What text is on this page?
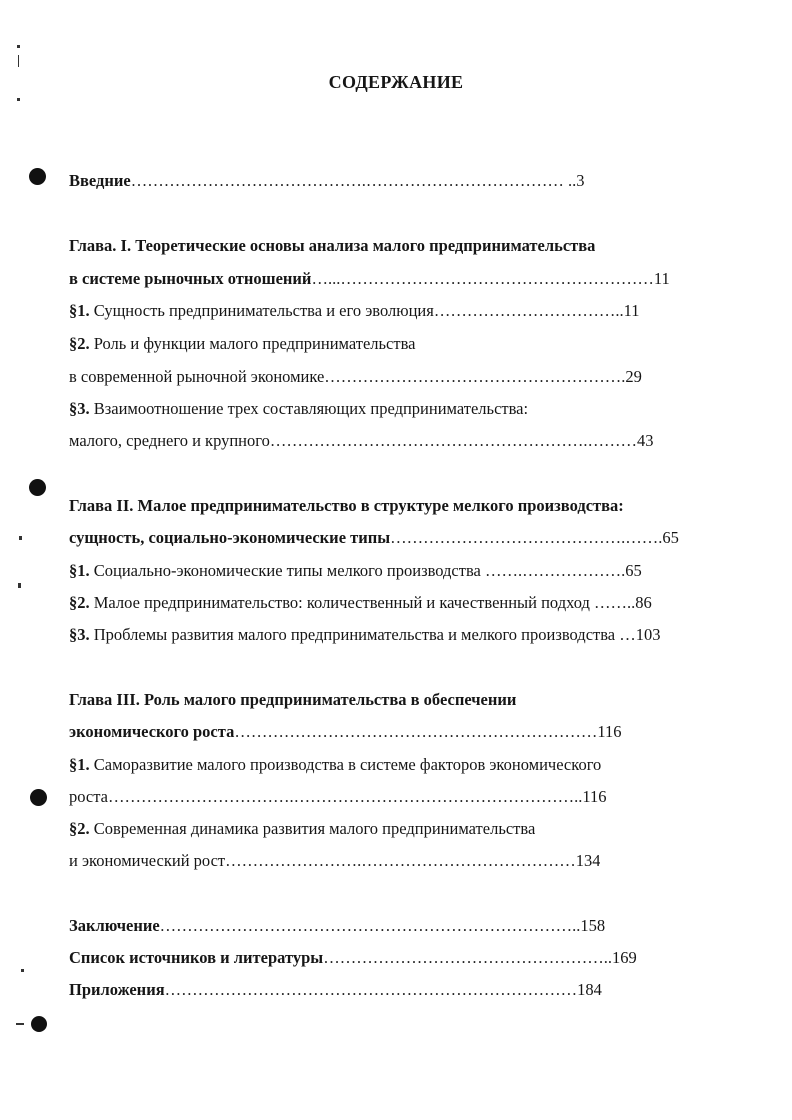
СОДЕРЖАНИЕ
Введние…………………………………….……………………………… ..3
Глава. I. Теоретические основы анализа малого предпринимательства
в системе рыночных отношений…...…………………………………………………11
§1. Сущность предпринимательства и его эволюция……………………………..11
§2. Роль и функции малого предпринимательства
в современной рыночной экономике……………………………………………….29
§3. Взаимоотношение трех составляющих предпринимательства:
малого, среднего и крупного………………………………………………….………43
Глава II. Малое предпринимательство в структуре мелкого производства:
сущность, социально-экономические типы…………………………………….…….65
§1. Социально-экономические типы мелкого производства …….……………….65
§2. Малое предпринимательство: количественный и качественный подход ……..86
§3. Проблемы развития малого предпринимательства и мелкого производства …103
Глава III. Роль малого предпринимательства в обеспечении
экономического роста…………………………………………………………116
§1. Саморазвитие малого производства в системе факторов экономического
роста…………………………….……………………………………………..116
§2. Современная динамика развития малого предпринимательства
и экономический рост…………………….…………………………………134
Заключение…………………………………………………………………..158
Список источников и литературы……………………………………………..169
Приложения…………………………………………………………………184
